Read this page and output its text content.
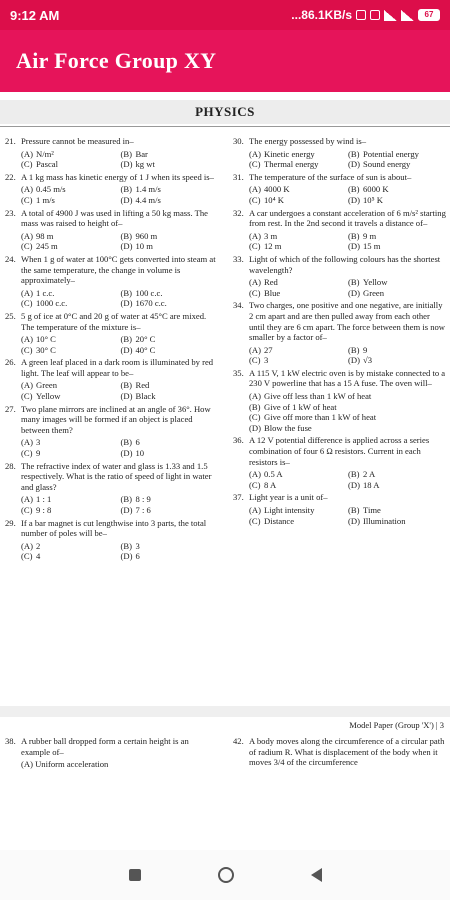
9:12 AM	...86.1KB/s	67
Air Force Group XY
PHYSICS
21. Pressure cannot be measured in–
(A) N/m²	(B) Bar
(C) Pascal	(D) kg wt
22. A 1 kg mass has kinetic energy of 1 J when its speed is–
(A) 0.45 m/s	(B) 1.4 m/s
(C) 1 m/s	(D) 4.4 m/s
23. A total of 4900 J was used in lifting a 50 kg mass. The mass was raised to height of–
(A) 98 m	(B) 960 m
(C) 245 m	(D) 10 m
24. When 1 g of water at 100°C gets converted into steam at the same temperature, the change in volume is approximately–
(A) 1 c.c.	(B) 100 c.c.
(C) 1000 c.c.	(D) 1670 c.c.
25. 5 g of ice at 0°C and 20 g of water at 45°C are mixed. The temperature of the mixture is–
(A) 10° C	(B) 20° C
(C) 30° C	(D) 40° C
26. A green leaf placed in a dark room is illuminated by red light. The leaf will appear to be–
(A) Green	(B) Red
(C) Yellow	(D) Black
27. Two plane mirrors are inclined at an angle of 36°. How many images will be formed if an object is placed between them?
(A) 3	(B) 6
(C) 9	(D) 10
28. The refractive index of water and glass is 1.33 and 1.5 respectively. What is the ratio of speed of light in water and glass?
(A) 1 : 1	(B) 8 : 9
(C) 9 : 8	(D) 7 : 6
29. If a bar magnet is cut lengthwise into 3 parts, the total number of poles will be–
(A) 2	(B) 3
(C) 4	(D) 6
30. The energy possessed by wind is–
(A) Kinetic energy	(B) Potential energy
(C) Thermal energy	(D) Sound energy
31. The temperature of the surface of sun is about–
(A) 4000 K	(B) 6000 K
(C) 10⁴ K	(D) 10⁵ K
32. A car undergoes a constant acceleration of 6 m/s² starting from rest. In the 2nd second it travels a distance of–
(A) 3 m	(B) 9 m
(C) 12 m	(D) 15 m
33. Light of which of the following colours has the shortest wavelength?
(A) Red	(B) Yellow
(C) Blue	(D) Green
34. Two charges, one positive and one negative, are initially 2 cm apart and are then pulled away from each other until they are 6 cm apart. The force between them is now smaller by a factor of–
(A) 27	(B) 9
(C) 3	(D) √3
35. A 115 V, 1 kW electric oven is by mistake connected to a 230 V powerline that has a 15 A fuse. The oven will–
(A) Give off less than 1 kW of heat
(B) Give of 1 kW of heat
(C) Give off more than 1 kW of heat
(D) Blow the fuse
36. A 12 V potential difference is applied across a series combination of four 6 Ω resistors. Current in each resistors is–
(A) 0.5 A	(B) 2 A
(C) 8 A	(D) 18 A
37. Light year is a unit of–
(A) Light intensity	(B) Time
(C) Distance	(D) Illumination
Model Paper (Group 'X') | 3
38. A rubber ball dropped form a certain height is an example of–
(A) Uniform acceleration
42. A body moves along the circumference of a circular path of radium R. What is displacement of the body when it moves 3/4 of the circumference
